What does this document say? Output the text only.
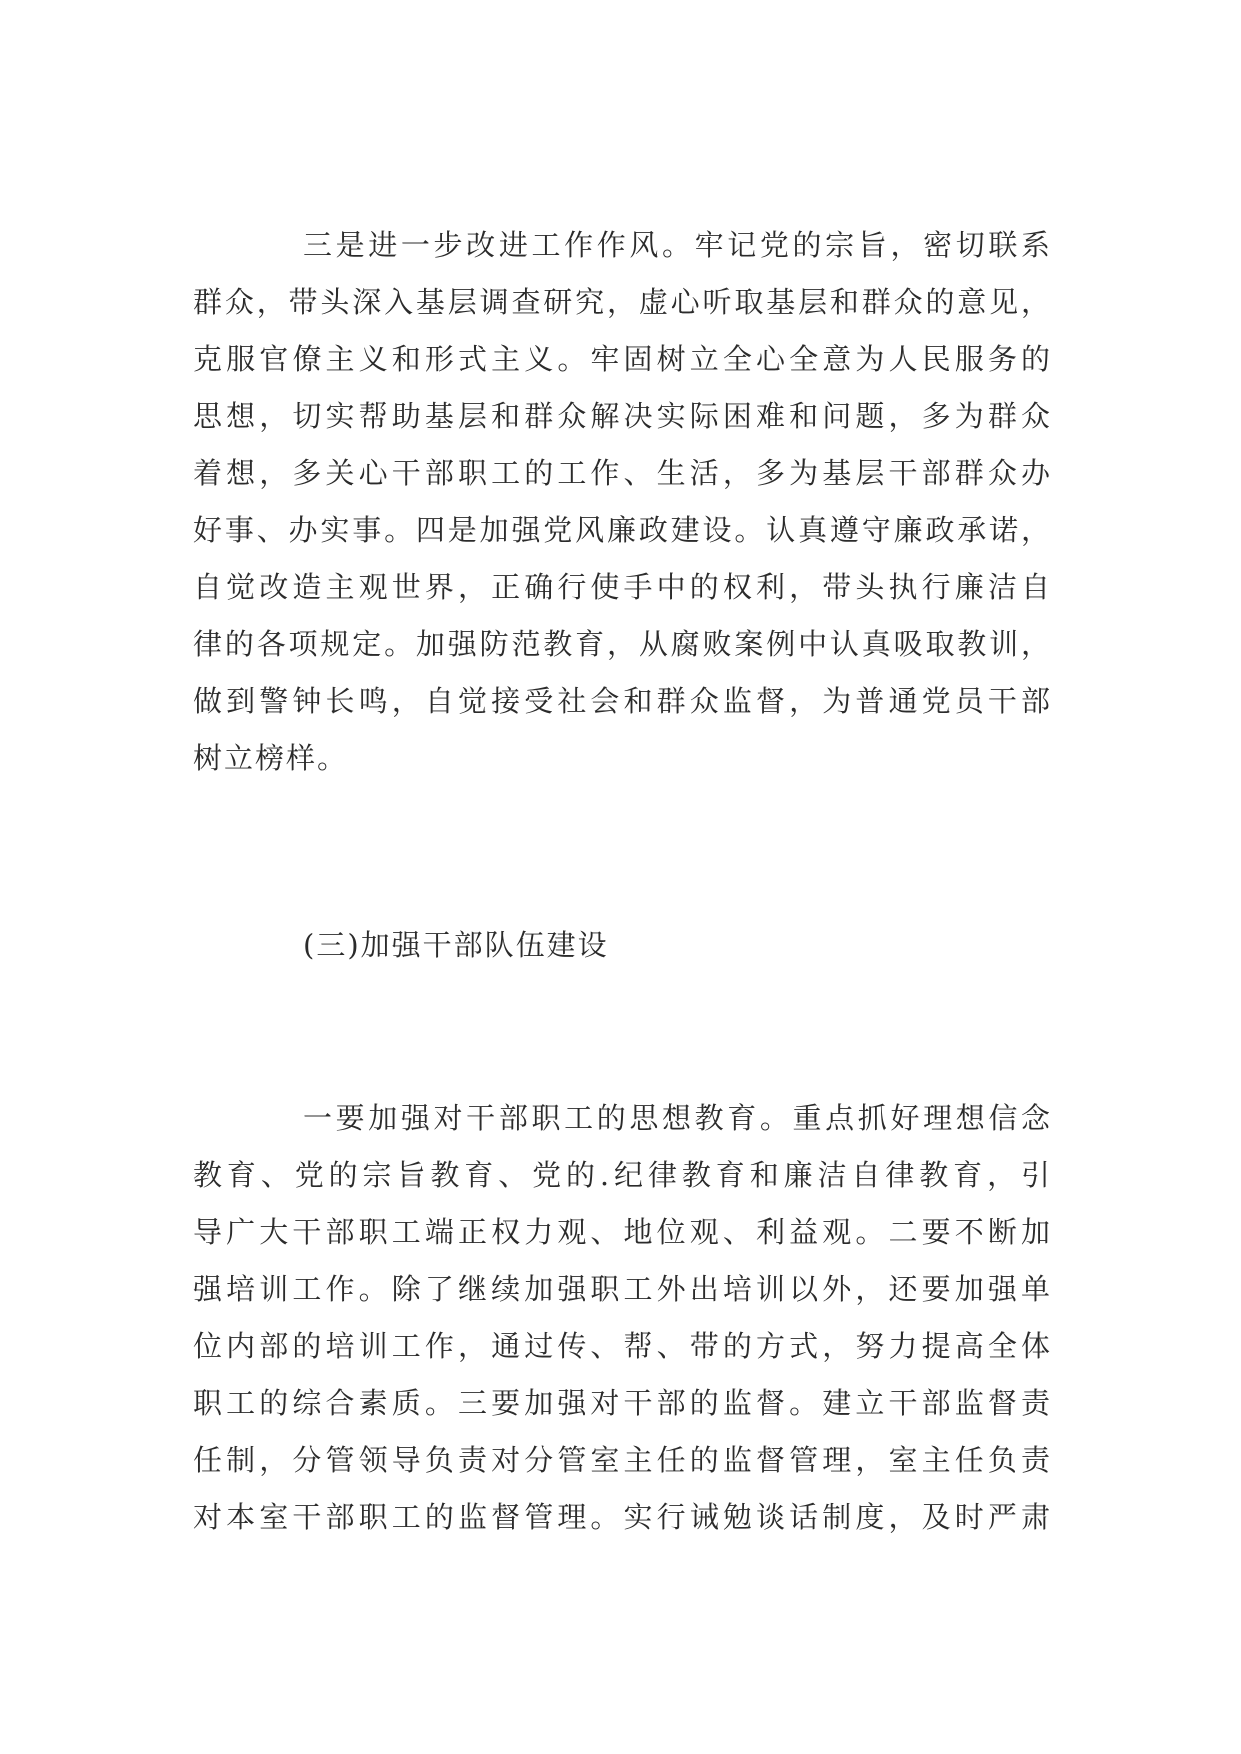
三是进一步改进工作作风。牢记党的宗旨，密切联系
群众，带头深入基层调查研究，虚心听取基层和群众的意见，
克服官僚主义和形式主义。牢固树立全心全意为人民服务的
思想，切实帮助基层和群众解决实际困难和问题，多为群众
着想，多关心干部职工的工作、生活，多为基层干部群众办
好事、办实事。四是加强党风廉政建设。认真遵守廉政承诺，
自觉改造主观世界，正确行使手中的权利，带头执行廉洁自
律的各项规定。加强防范教育，从腐败案例中认真吸取教训，
做到警钟长鸣，自觉接受社会和群众监督，为普通党员干部
树立榜样。
(三)加强干部队伍建设
一要加强对干部职工的思想教育。重点抓好理想信念
教育、党的宗旨教育、党的.纪律教育和廉洁自律教育，引
导广大干部职工端正权力观、地位观、利益观。二要不断加
强培训工作。除了继续加强职工外出培训以外，还要加强单
位内部的培训工作，通过传、帮、带的方式，努力提高全体
职工的综合素质。三要加强对干部的监督。建立干部监督责
任制，分管领导负责对分管室主任的监督管理，室主任负责
对本室干部职工的监督管理。实行诫勉谈话制度，及时严肃
